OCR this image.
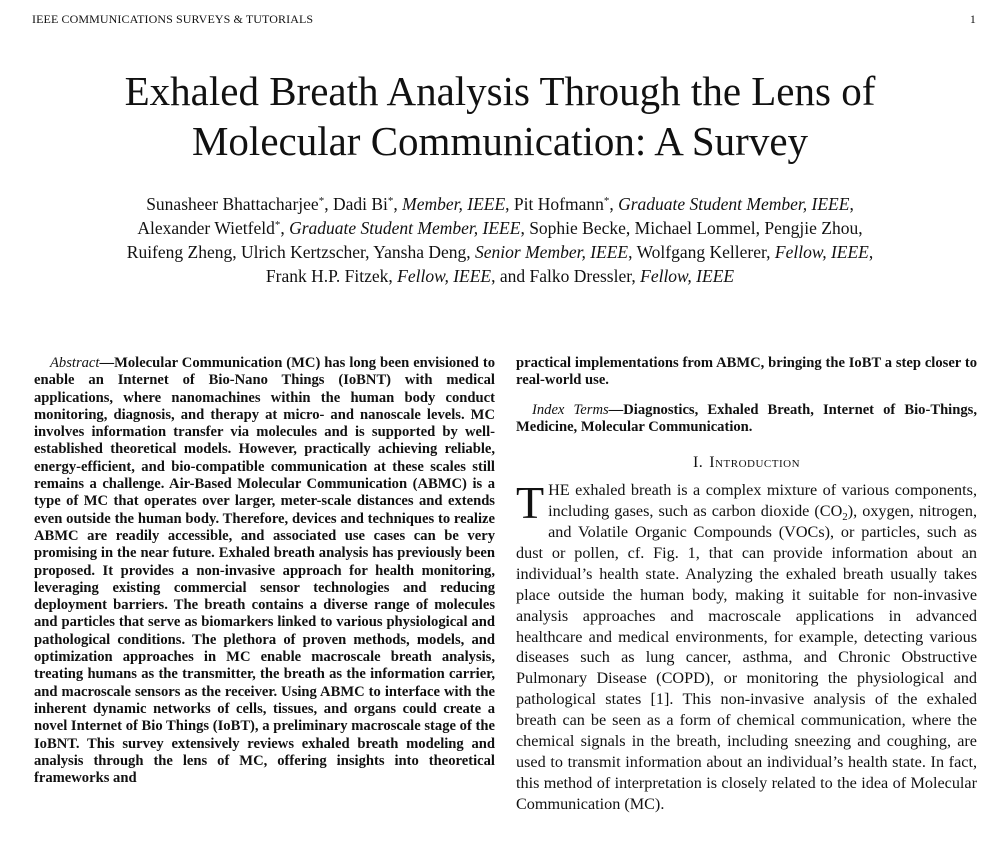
IEEE COMMUNICATIONS SURVEYS & TUTORIALS	1
Exhaled Breath Analysis Through the Lens of
Molecular Communication: A Survey
Sunasheer Bhattacharjee*, Dadi Bi*, Member, IEEE, Pit Hofmann*, Graduate Student Member, IEEE,
Alexander Wietfeld*, Graduate Student Member, IEEE, Sophie Becke, Michael Lommel, Pengjie Zhou,
Ruifeng Zheng, Ulrich Kertzscher, Yansha Deng, Senior Member, IEEE, Wolfgang Kellerer, Fellow, IEEE,
Frank H.P. Fitzek, Fellow, IEEE, and Falko Dressler, Fellow, IEEE

Abstract—Molecular Communication (MC) has long been envisioned to enable an Internet of Bio-Nano Things (IoBNT) with medical applications, where nanomachines within the human body conduct monitoring, diagnosis, and therapy at micro- and nanoscale levels. MC involves information transfer via molecules and is supported by well-established theoretical models. However, practically achieving reliable, energy-efficient, and bio-compatible communication at these scales still remains a challenge. Air-Based Molecular Communication (ABMC) is a type of MC that operates over larger, meter-scale distances and extends even outside the human body. Therefore, devices and techniques to realize ABMC are readily accessible, and associated use cases can be very promising in the near future. Exhaled breath analysis has previously been proposed. It provides a non-invasive approach for health monitoring, leveraging existing commercial sensor technologies and reducing deployment barriers. The breath contains a diverse range of molecules and particles that serve as biomarkers linked to various physiological and pathological conditions. The plethora of proven methods, models, and optimization approaches in MC enable macroscale breath analysis, treating humans as the transmitter, the breath as the information carrier, and macroscale sensors as the receiver. Using ABMC to interface with the inherent dynamic networks of cells, tissues, and organs could create a novel Internet of Bio Things (IoBT), a preliminary macroscale stage of the IoBNT. This survey extensively reviews exhaled breath modeling and analysis through the lens of MC, offering insights into theoretical frameworks and

practical implementations from ABMC, bringing the IoBT a step closer to real-world use.

Index Terms—Diagnostics, Exhaled Breath, Internet of Bio-Things, Medicine, Molecular Communication.

I. Introduction

THE exhaled breath is a complex mixture of various components, including gases, such as carbon dioxide $(CO_2)$, oxygen, nitrogen, and Volatile Organic Compounds (VOCs), or particles, such as dust or pollen, cf. Fig. 1, that can provide information about an individual’s health state. Analyzing the exhaled breath usually takes place outside the human body, making it suitable for non-invasive analysis approaches and macroscale applications in advanced healthcare and medical environments, for example, detecting various diseases such as lung cancer, asthma, and Chronic Obstructive Pulmonary Disease (COPD), or monitoring the physiological and pathological states [1]. This non-invasive analysis of the exhaled breath can be seen as a form of chemical communication, where the chemical signals in the breath, including sneezing and coughing, are used to transmit information about an individual’s health state. In fact, this method of interpretation is closely related to the idea of Molecular Communication (MC).
